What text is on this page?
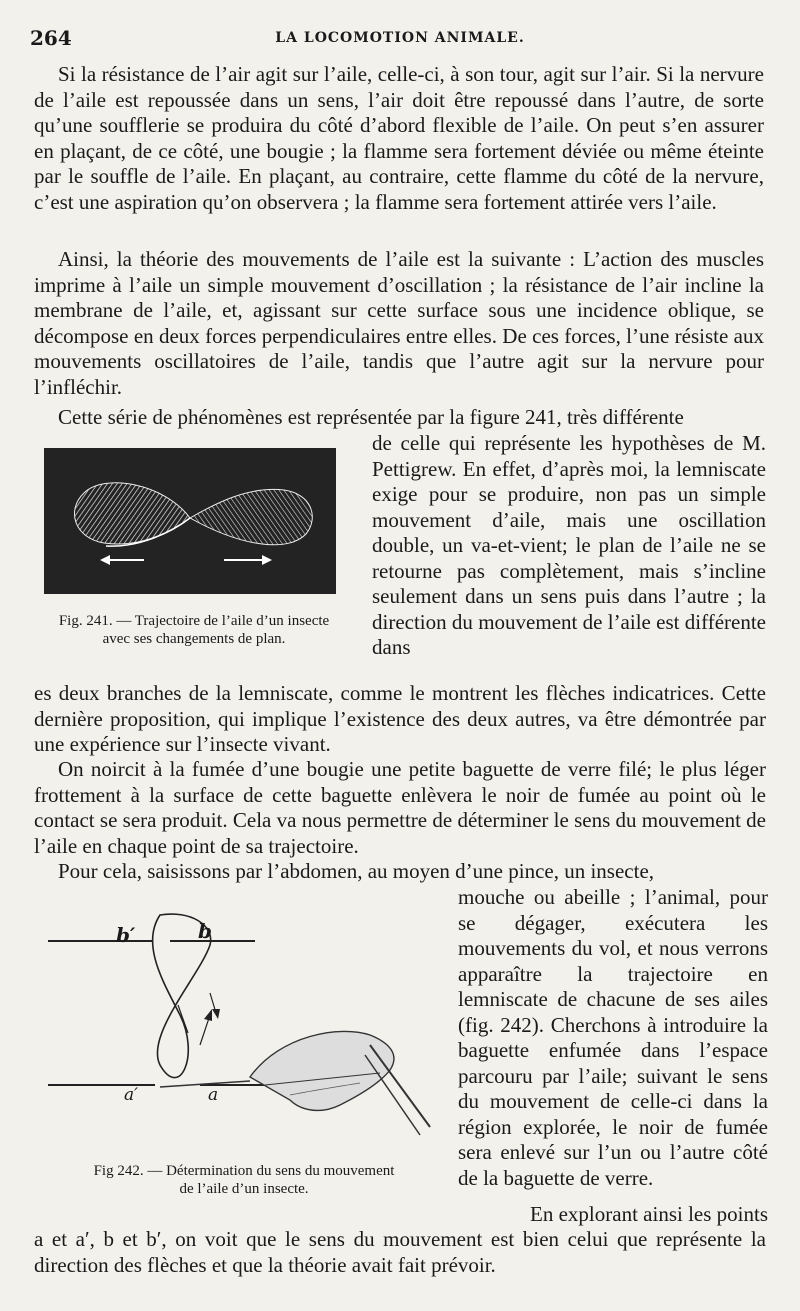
264	LA LOCOMOTION ANIMALE.

Si la résistance de l’air agit sur l’aile, celle-ci, à son tour, agit sur l’air. Si la nervure de l’aile est repoussée dans un sens, l’air doit être repoussé dans l’autre, de sorte qu’une soufflerie se produira du côté d’abord flexible de l’aile. On peut s’en assurer en plaçant, de ce côté, une bougie ; la flamme sera fortement déviée ou même éteinte par le souffle de l’aile. En plaçant, au contraire, cette flamme du côté de la nervure, c’est une aspiration qu’on observera ; la flamme sera fortement attirée vers l’aile.

Ainsi, la théorie des mouvements de l’aile est la suivante : L’action des muscles imprime à l’aile un simple mouvement d’oscillation ; la résistance de l’air incline la membrane de l’aile, et, agissant sur cette surface sous une incidence oblique, se décompose en deux forces perpendiculaires entre elles. De ces forces, l’une résiste aux mouvements oscillatoires de l’aile, tandis que l’autre agit sur la nervure pour l’infléchir.

Cette série de phénomènes est représentée par la figure 241, très différente

de celle qui représente les hypothèses de M. Pettigrew. En effet, d’après moi, la lemniscate exige pour se produire, non pas un simple mouvement d’aile, mais une oscillation double, un va-et-vient; le plan de l’aile ne se retourne pas complètement, mais s’incline seulement dans un sens puis dans l’autre ; la direction du mouvement de l’aile est différente dans

Fig. 241. — Trajectoire de l’aile d’un insecte
avec ses changements de plan.

es deux branches de la lemniscate, comme le montrent les flèches indicatrices. Cette dernière proposition, qui implique l’existence des deux autres, va être démontrée par une expérience sur l’insecte vivant.

On noircit à la fumée d’une bougie une petite baguette de verre filé; le plus léger frottement à la surface de cette baguette enlèvera le noir de fumée au point où le contact se sera produit. Cela va nous permettre de déterminer le sens du mouvement de l’aile en chaque point de sa trajectoire.

Pour cela, saisissons par l’abdomen, au moyen d’une pince, un insecte,

mouche ou abeille ; l’animal, pour se dégager, exécutera les mouvements du vol, et nous verrons apparaître la trajectoire en lemniscate de chacune de ses ailes (fig. 242). Cherchons à introduire la baguette enfumée dans l’espace parcouru par l’aile; suivant le sens du mouvement de celle-ci dans la région explorée, le noir de fumée sera enlevé sur l’un ou l’autre côté de la baguette de verre.

b′	b
a′	a
Fig 242. — Détermination du sens du mouvement
de l’aile d’un insecte.

En explorant ainsi les points

a et a′, b et b′, on voit que le sens du mouvement est bien celui que représente la direction des flèches et que la théorie avait fait prévoir.
